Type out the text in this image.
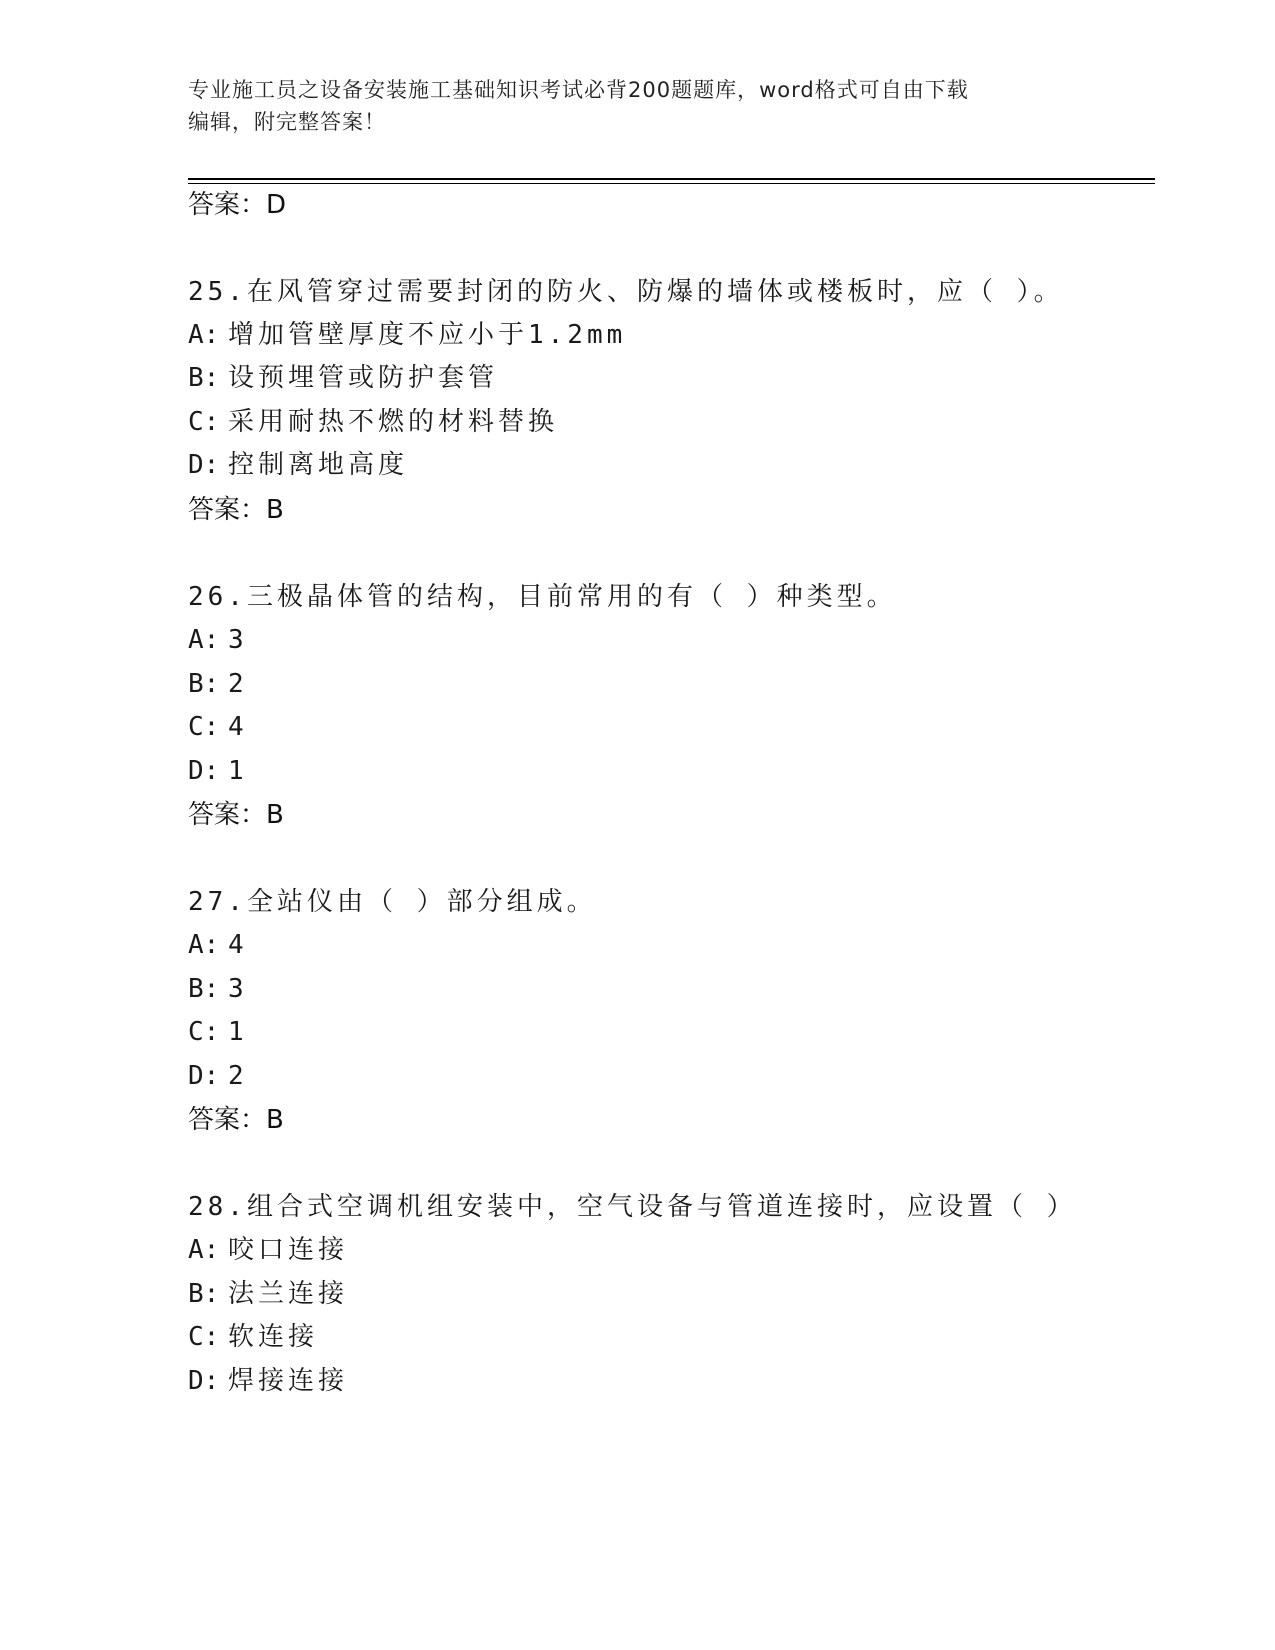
专业施工员之设备安装施工基础知识考试必背200题题库，word格式可自由下载
编辑，附完整答案！
答案：D
25.在风管穿过需要封闭的防火、防爆的墙体或楼板时，应（ ）。
A: 增加管壁厚度不应小于1.2mm
B: 设预埋管或防护套管
C: 采用耐热不燃的材料替换
D: 控制离地高度
答案：B
26.三极晶体管的结构，目前常用的有（ ）种类型。
A: 3
B: 2
C: 4
D: 1
答案：B
27.全站仪由（ ）部分组成。
A: 4
B: 3
C: 1
D: 2
答案：B
28.组合式空调机组安装中，空气设备与管道连接时，应设置（ ）
A: 咬口连接
B: 法兰连接
C: 软连接
D: 焊接连接
